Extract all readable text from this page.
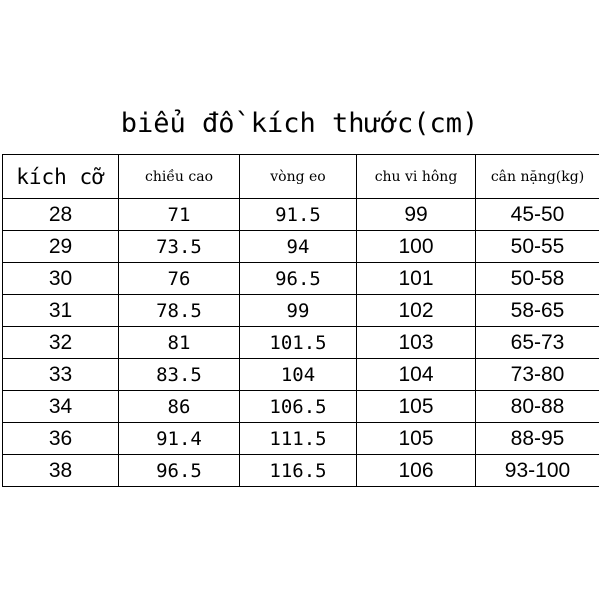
biểu đồ kích thước(cm)
kích cỡ	chiều cao	vòng eo	chu vi hông	cân nặng(kg)
28	71	91.5	99	45-50
29	73.5	94	100	50-55
30	76	96.5	101	50-58
31	78.5	99	102	58-65
32	81	101.5	103	65-73
33	83.5	104	104	73-80
34	86	106.5	105	80-88
36	91.4	111.5	105	88-95
38	96.5	116.5	106	93-100
